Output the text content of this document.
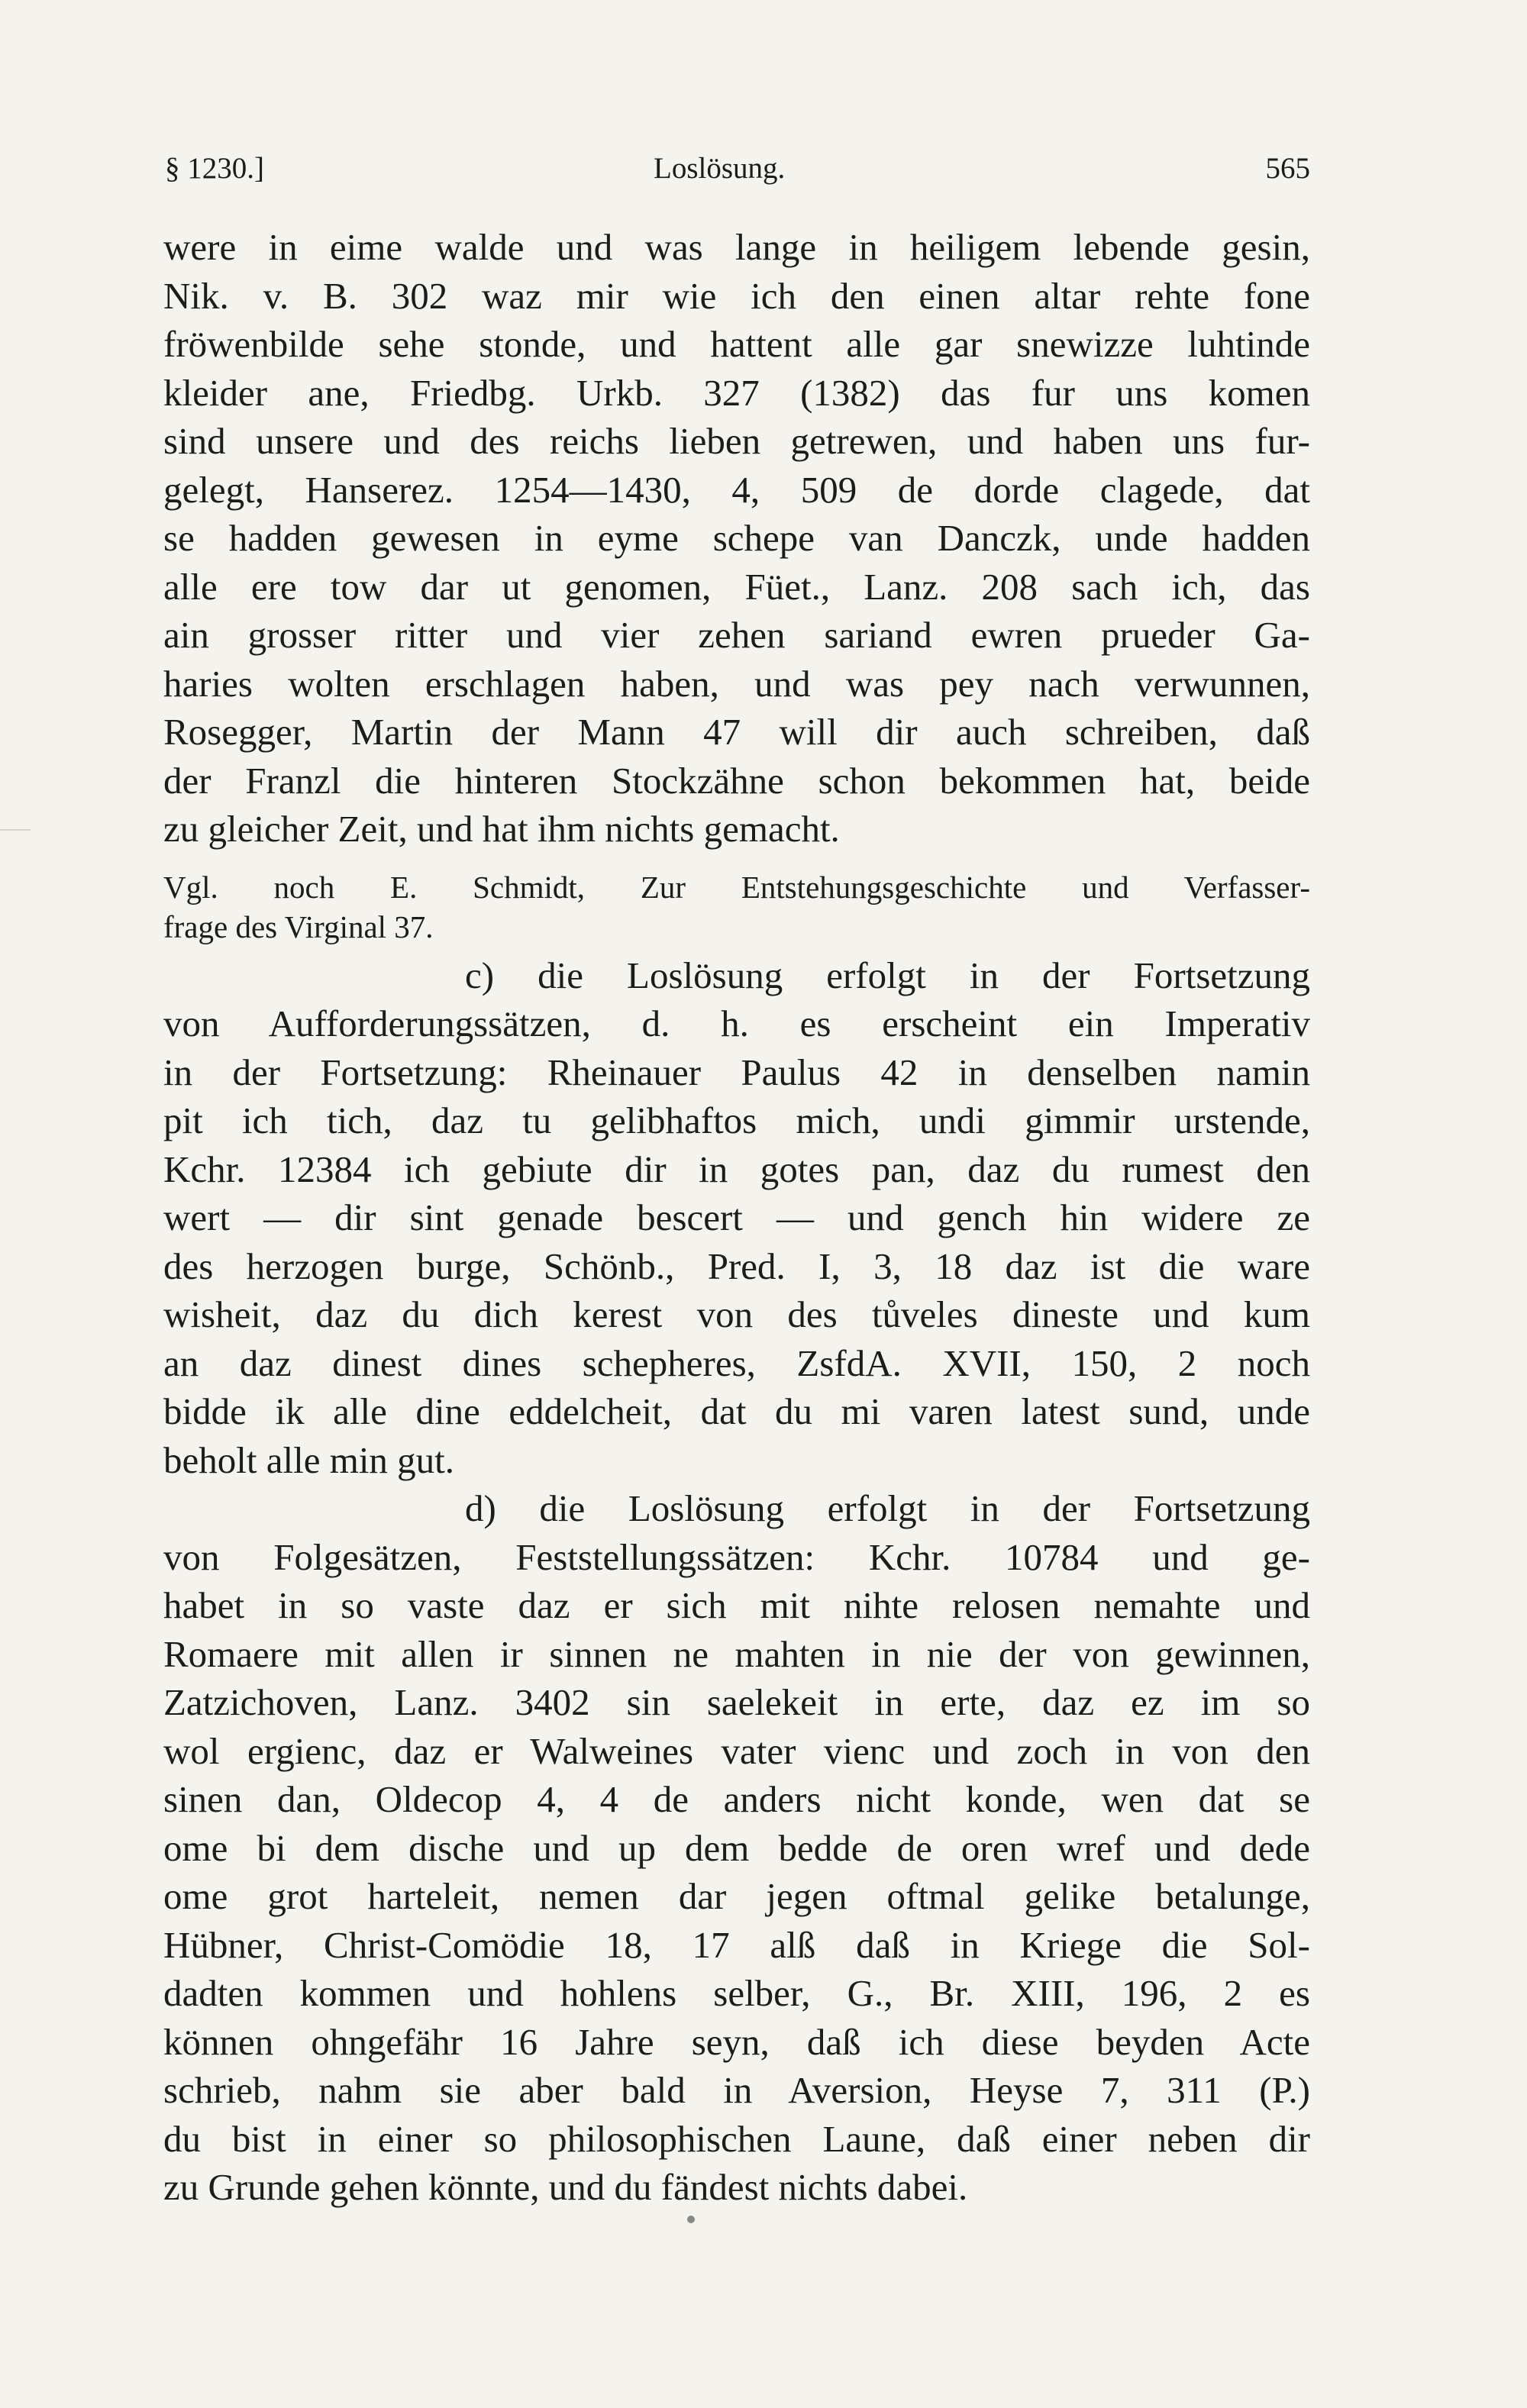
§ 1230.]	Loslösung.	565
were in eime walde und was lange in heiligem lebende gesin,
Nik. v. B. 302 waz mir wie ich den einen altar rehte fone
fröwenbilde sehe stonde, und hattent alle gar snewizze luhtinde
kleider ane, Friedbg. Urkb. 327 (1382) das fur uns komen
sind unsere und des reichs lieben getrewen, und haben uns fur-
gelegt, Hanserez. 1254—1430, 4, 509 de dorde clagede, dat
se hadden gewesen in eyme schepe van Danczk, unde hadden
alle ere tow dar ut genomen, Füet., Lanz. 208 sach ich, das
ain grosser ritter und vier zehen sariand ewren prueder Ga-
haries wolten erschlagen haben, und was pey nach verwunnen,
Rosegger, Martin der Mann 47 will dir auch schreiben, daß
der Franzl die hinteren Stockzähne schon bekommen hat, beide
zu gleicher Zeit, und hat ihm nichts gemacht.
Vgl. noch E. Schmidt, Zur Entstehungsgeschichte und Verfasser-
frage des Virginal 37.
c) die Loslösung erfolgt in der Fortsetzung
von Aufforderungssätzen, d. h. es erscheint ein Imperativ
in der Fortsetzung: Rheinauer Paulus 42 in denselben namin
pit ich tich, daz tu gelibhaftos mich, undi gimmir urstende,
Kchr. 12384 ich gebiute dir in gotes pan, daz du rumest den
wert — dir sint genade bescert — und gench hin widere ze
des herzogen burge, Schönb., Pred. I, 3, 18 daz ist die ware
wisheit, daz du dich kerest von des tůveles dineste und kum
an daz dinest dines schepheres, ZsfdA. XVII, 150, 2 noch
bidde ik alle dine eddelcheit, dat du mi varen latest sund, unde
beholt alle min gut.
d) die Loslösung erfolgt in der Fortsetzung
von Folgesätzen, Feststellungssätzen: Kchr. 10784 und ge-
habet in so vaste daz er sich mit nihte relosen nemahte und
Romaere mit allen ir sinnen ne mahten in nie der von gewinnen,
Zatzichoven, Lanz. 3402 sin saelekeit in erte, daz ez im so
wol ergienc, daz er Walweines vater vienc und zoch in von den
sinen dan, Oldecop 4, 4 de anders nicht konde, wen dat se
ome bi dem dische und up dem bedde de oren wref und dede
ome grot harteleit, nemen dar jegen oftmal gelike betalunge,
Hübner, Christ-Comödie 18, 17 alß daß in Kriege die Sol-
dadten kommen und hohlens selber, G., Br. XIII, 196, 2 es
können ohngefähr 16 Jahre seyn, daß ich diese beyden Acte
schrieb, nahm sie aber bald in Aversion, Heyse 7, 311 (P.)
du bist in einer so philosophischen Laune, daß einer neben dir
zu Grunde gehen könnte, und du fändest nichts dabei.
